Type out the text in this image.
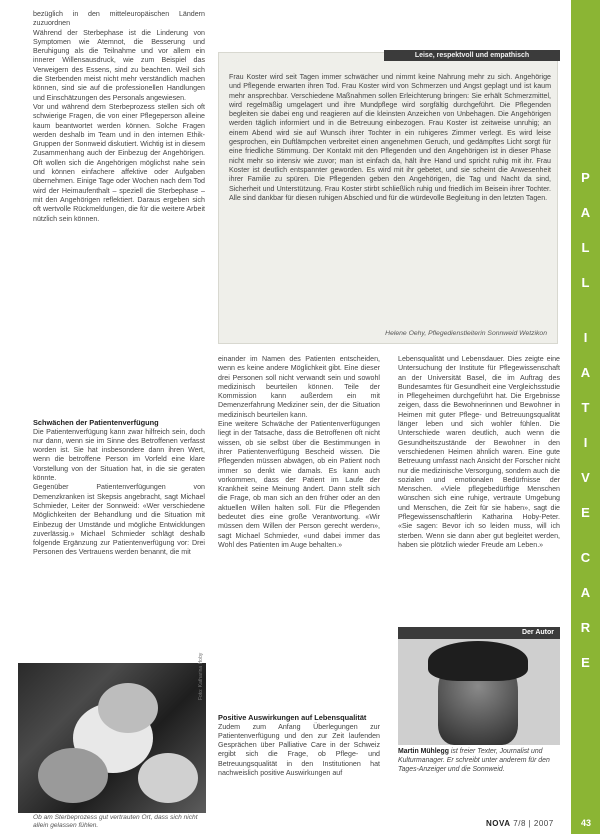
bezüglich in den mitteleuropäischen Ländern zuzuordnen

Während der Sterbephase ist die Linderung von Symptomen wie Atemnot, die Besserung und Beruhigung als die Teilnahme und vor allem ein innerer Willensausdruck, wie zum Beispiel das Verweigern des Essens, sind zu beachten. Weil sich die Sterbenden meist nicht mehr verständlich machen können, sind sie auf die professionellen Handlungen und Einschätzungen des Personals angewiesen.

Vor und während dem Sterbeprozess stellen sich oft schwierige Fragen, die von einer Pflegeperson alleine kaum beantwortet werden können. Solche Fragen werden deshalb im Team und in den internen Ethik-Gruppen der Sonnweid diskutiert. Wichtig ist in diesem Zusammenhang auch der Einbezug der Angehörigen. Oft wollen sich die Angehörigen möglichst nahe sein und können einfachere affektive oder Aufgaben übernehmen. Einige Tage oder Wochen nach dem Tod wird der Heimaufenthalt – speziell die Sterbephase – mit den Angehörigen reflektiert. Daraus ergeben sich oft wertvolle Rückmeldungen, die für die weitere Arbeit nützlich sein können.

Schwächen der Patientenverfügung

Die Patientenverfügung kann zwar hilfreich sein, doch nur dann, wenn sie im Sinne des Betroffenen verfasst worden ist. Sie hat insbesondere dann ihren Wert, wenn die betroffene Person im Vorfeld eine klare Vorstellung von der Situation hat, in die sie geraten könnte.

Gegenüber Patientenverfügungen von Demenzkranken ist Skepsis angebracht, sagt Michael Schmieder, Leiter der Sonnweid: «Wer verschiedene Möglichkeiten der Behandlung und die Situation mit Einbezug der Umstände und mögliche Entwicklungen zuverlässig.» Michael Schmieder schlägt deshalb folgende Ergänzung zur Patientenverfügung vor: Drei Personen des Vertrauens werden benannt, die mit

Leise, respektvoll und empathisch

Frau Koster wird seit Tagen immer schwächer und nimmt keine Nahrung mehr zu sich. Angehörige und Pflegende erwarten ihren Tod. Frau Koster wird von Schmerzen und Angst geplagt und ist kaum mehr ansprechbar. Verschiedene Maßnahmen sollen Erleichterung bringen: Sie erhält Schmerzmittel, wird regelmäßig umgelagert und ihre Mundpflege wird sorgfältig durchgeführt. Die Pflegenden begleiten sie dabei eng und reagieren auf die kleinsten Anzeichen von Unbehagen. Die Angehörigen werden täglich informiert und in die Betreuung einbezogen. Frau Koster ist zeitweise unruhig; an einem Abend wird sie auf Wunsch ihrer Tochter in ein ruhigeres Zimmer verlegt. Es wird leise gesprochen, ein Duftlämpchen verbreitet einen angenehmen Geruch, und gedämpftes Licht sorgt für eine friedliche Stimmung. Der Kontakt mit den Pflegenden und den Angehörigen ist in dieser Phase nicht mehr so intensiv wie zuvor; man ist einfach da, hält ihre Hand und spricht ruhig mit ihr. Frau Koster ist deutlich entspannter geworden. Es wird mit ihr gebetet, und sie scheint die Anwesenheit ihrer Familie zu spüren. Die Pflegenden geben den Angehörigen, die Tag und Nacht da sind, Sicherheit und Unterstützung. Frau Koster stirbt schließlich ruhig und friedlich im Beisein ihrer Tochter. Alle sind dankbar für diesen ruhigen Abschied und für die würdevolle Begleitung in den letzten Tagen.

Helene Oehy, Pflegedienstleiterin Sonnweid Wetzikon

einander im Namen des Patienten entscheiden, wenn es keine andere Möglichkeit gibt. Eine dieser drei Personen soll nicht verwandt sein und sowohl medizinisch beurteilen können. Teile der Kommission kann außerdem ein mit Demenzerfahrung Mediziner sein, der die Situation medizinisch beurteilen kann.

Eine weitere Schwäche der Patientenverfügungen liegt in der Tatsache, dass die Betroffenen oft nicht wissen, ob sie selbst über die Bestimmungen in ihrer Patientenverfügung Bescheid wissen. Die Pflegenden müssen abwägen, ob ein Patient noch immer so denkt wie damals. Es kann auch vorkommen, dass der Patient im Laufe der Krankheit seine Meinung ändert. Dann stellt sich die Frage, ob man sich an den früher oder an den aktuellen Willen halten soll. Für die Pflegenden bedeutet dies eine große Verantwortung. «Wir müssen dem Willen der Person gerecht werden», sagt Michael Schmieder, «und dabei immer das Wohl des Patienten im Auge behalten.»

Positive Auswirkungen auf Lebensqualität

Zudem zum Anfang Überlegungen zur Patientenverfügung und den zur Zeit laufenden Gesprächen über Palliative Care in der Schweiz ergibt sich die Frage, ob Pflege- und Betreuungsqualität in den Institutionen hat nachweislich positive Auswirkungen auf

Lebensqualität und Lebensdauer. Dies zeigte eine Untersuchung der Institute für Pflegewissenschaft an der Universität Basel, die im Auftrag des Bundesamtes für Gesundheit eine Vergleichsstudie in Pflegeheimen durchgeführt hat. Die Ergebnisse zeigen, dass die Bewohnerinnen und Bewohner in Heimen mit guter Pflege- und Betreuungsqualität länger leben und sich wohler fühlen. Die Unterschiede waren deutlich, auch wenn die Gesundheitszustände der Bewohner in den verschiedenen Heimen ähnlich waren. Eine gute Betreuung umfasst nach Ansicht der Forscher nicht nur die medizinische Versorgung, sondern auch die sozialen und emotionalen Bedürfnisse der Menschen. «Viele pflegebedürftige Menschen wünschen sich eine ruhige, vertraute Umgebung und Menschen, die Zeit für sie haben», sagt die Pflegewissenschaftlerin Katharina Hoby-Peter. «Sie sagen: Bevor ich so leiden muss, will ich sterben. Wenn sie dann aber gut begleitet werden, haben sie plötzlich wieder Freude am Leben.»

Foto: Katharina Hoby
Ob am Sterbeprozess gut vertrauten Ort, dass sich nicht allein gelassen fühlen.
Der Autor
Martin Mühlegg ist freier Texter, Journalist und Kulturmanager. Er schreibt unter anderem für den Tages-Anzeiger und die Sonnweid.
P
A
L
L
I
A
T
I
V
E
C
A
R
E
NOVA 7/8 | 2007	43
